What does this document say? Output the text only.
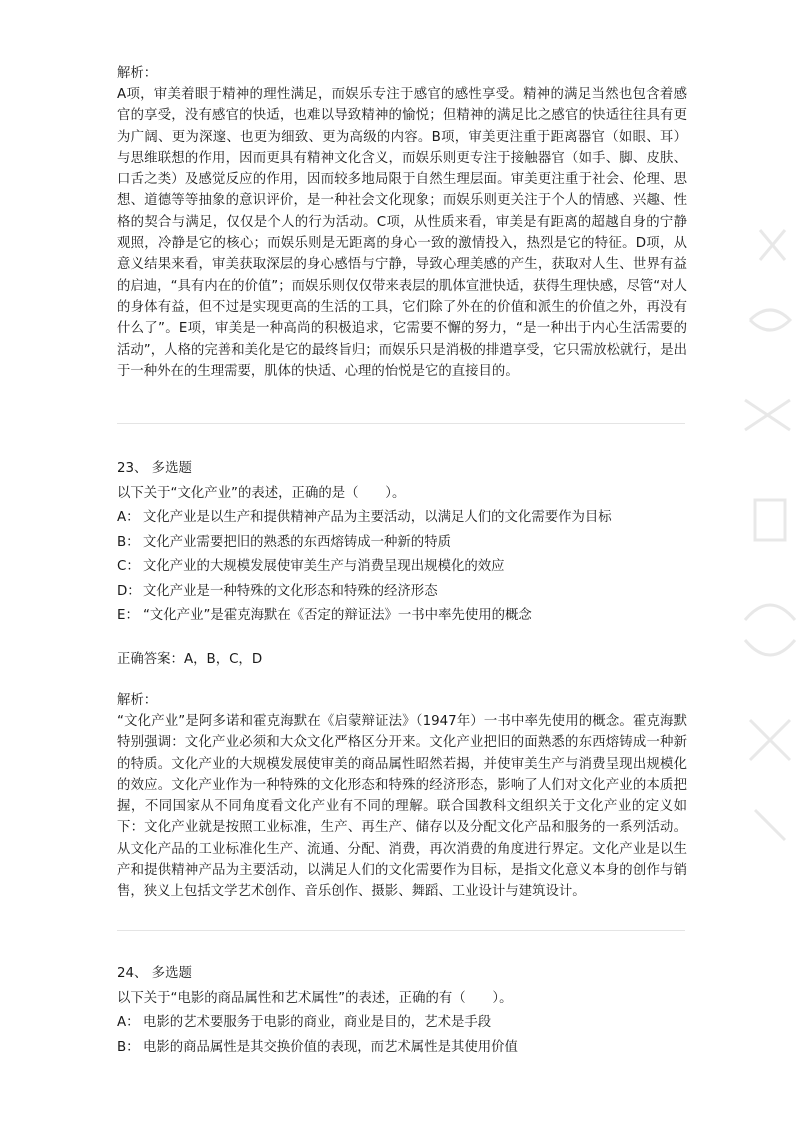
解析：

A项，审美着眼于精神的理性满足，而娱乐专注于感官的感性享受。精神的满足当然也包含着感官的享受，没有感官的快适，也难以导致精神的愉悦；但精神的满足比之感官的快适往往具有更为广阔、更为深邃、也更为细致、更为高级的内容。B项，审美更注重于距离器官（如眼、耳）与思维联想的作用，因而更具有精神文化含义，而娱乐则更专注于接触器官（如手、脚、皮肤、口舌之类）及感觉反应的作用，因而较多地局限于自然生理层面。审美更注重于社会、伦理、思想、道德等等抽象的意识评价，是一种社会文化现象；而娱乐则更关注于个人的情感、兴趣、性格的契合与满足，仅仅是个人的行为活动。C项，从性质来看，审美是有距离的超越自身的宁静观照，冷静是它的核心；而娱乐则是无距离的身心一致的激情投入，热烈是它的特征。D项，从意义结果来看，审美获取深层的身心感悟与宁静，导致心理美感的产生，获取对人生、世界有益的启迪，“具有内在的价值”；而娱乐则仅仅带来表层的肌体宣泄快适，获得生理快感，尽管“对人的身体有益，但不过是实现更高的生活的工具，它们除了外在的价值和派生的价值之外，再没有什么了”。E项，审美是一种高尚的积极追求，它需要不懈的努力，“是一种出于内心生活需要的活动”，人格的完善和美化是它的最终旨归；而娱乐只是消极的排遣享受，它只需放松就行，是出于一种外在的生理需要，肌体的快适、心理的怡悦是它的直接目的。

23、 多选题

以下关于“文化产业”的表述，正确的是（　　）。

A： 文化产业是以生产和提供精神产品为主要活动，以满足人们的文化需要作为目标

B： 文化产业需要把旧的熟悉的东西熔铸成一种新的特质

C： 文化产业的大规模发展使审美生产与消费呈现出规模化的效应

D： 文化产业是一种特殊的文化形态和特殊的经济形态

E： “文化产业”是霍克海默在《否定的辩证法》一书中率先使用的概念

正确答案：A，B，C，D

解析：

“文化产业”是阿多诺和霍克海默在《启蒙辩证法》（1947年）一书中率先使用的概念。霍克海默特别强调：文化产业必须和大众文化严格区分开来。文化产业把旧的面熟悉的东西熔铸成一种新的特质。文化产业的大规模发展使审美的商品属性昭然若揭，并使审美生产与消费呈现出规模化的效应。文化产业作为一种特殊的文化形态和特殊的经济形态，影响了人们对文化产业的本质把握，不同国家从不同角度看文化产业有不同的理解。联合国教科文组织关于文化产业的定义如下：文化产业就是按照工业标准，生产、再生产、储存以及分配文化产品和服务的一系列活动。从文化产品的工业标准化生产、流通、分配、消费，再次消费的角度进行界定。文化产业是以生产和提供精神产品为主要活动，以满足人们的文化需要作为目标，是指文化意义本身的创作与销售，狭义上包括文学艺术创作、音乐创作、摄影、舞蹈、工业设计与建筑设计。

24、 多选题

以下关于“电影的商品属性和艺术属性”的表述，正确的有（　　）。

A： 电影的艺术要服务于电影的商业，商业是目的，艺术是手段

B： 电影的商品属性是其交换价值的表现，而艺术属性是其使用价值
